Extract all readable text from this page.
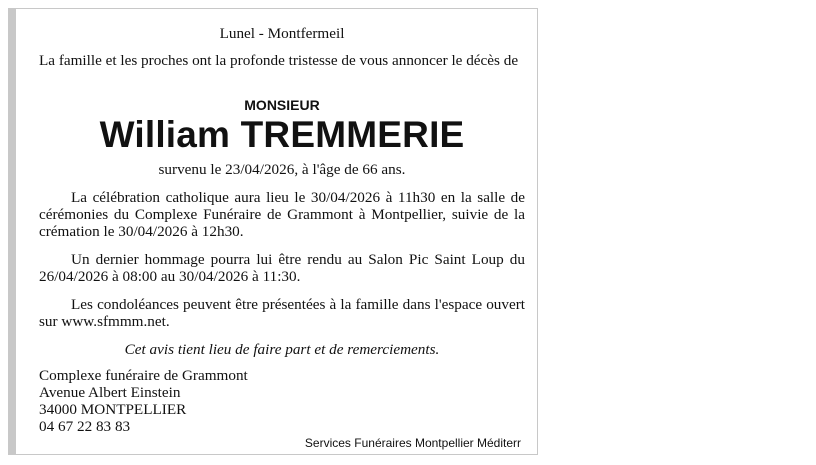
Lunel - Montfermeil
La famille et les proches ont la profonde tristesse de vous annoncer le décès de
MONSIEUR
William TREMMERIE
survenu le 23/04/2026, à l'âge de 66 ans.
La célébration catholique aura lieu le 30/04/2026 à 11h30 en la salle de cérémonies du Complexe Funéraire de Grammont à Montpellier, suivie de la crémation le 30/04/2026 à 12h30.
Un dernier hommage pourra lui être rendu au Salon Pic Saint Loup du 26/04/2026 à 08:00 au 30/04/2026 à 11:30.
Les condoléances peuvent être présentées à la famille dans l'espace ouvert sur www.sfmmm.net.
Cet avis tient lieu de faire part et de remerciements.
Complexe funéraire de Grammont
Avenue Albert Einstein
34000 MONTPELLIER
04 67 22 83 83
Services Funéraires Montpellier Méditerr
